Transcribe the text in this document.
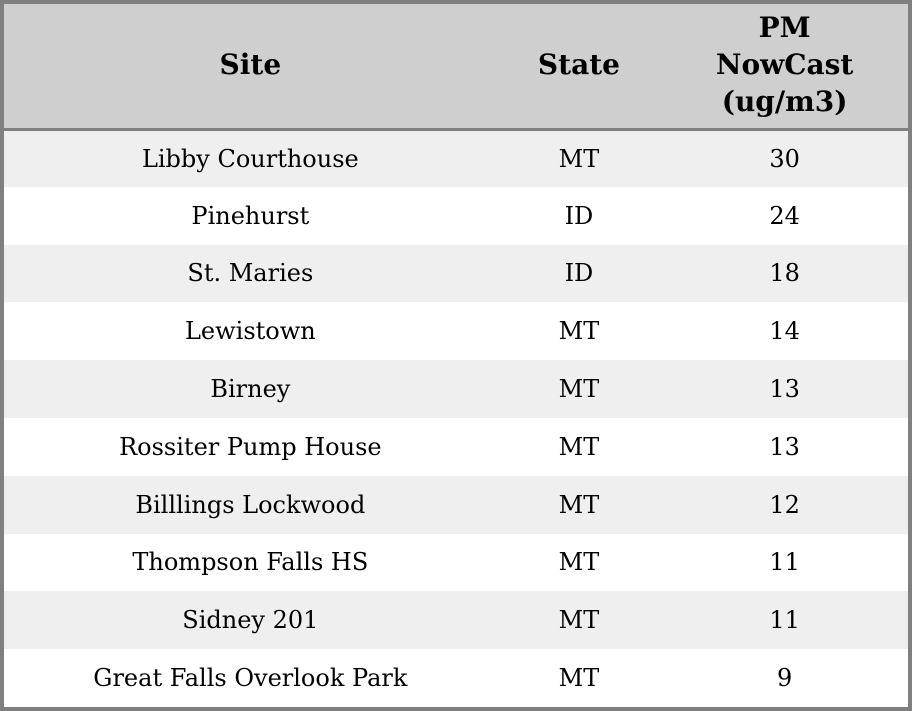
Site	State	PM NowCast (ug/m3)
Libby Courthouse	MT	30
Pinehurst	ID	24
St. Maries	ID	18
Lewistown	MT	14
Birney	MT	13
Rossiter Pump House	MT	13
Billlings Lockwood	MT	12
Thompson Falls HS	MT	11
Sidney 201	MT	11
Great Falls Overlook Park	MT	9
